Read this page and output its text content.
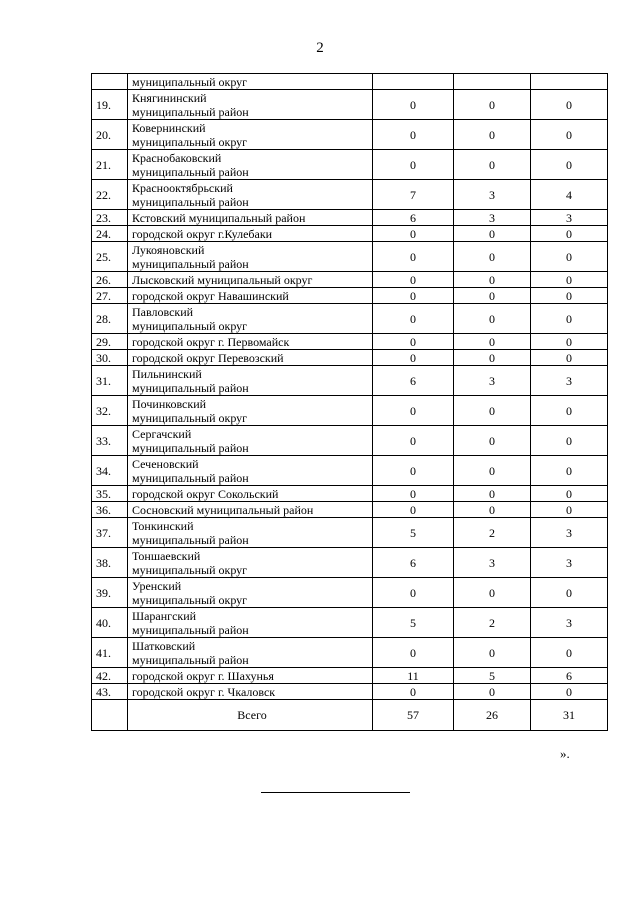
2
	муниципальный округ			
19.	Княгининский
муниципальный район	0	0	0
20.	Ковернинский
муниципальный округ	0	0	0
21.	Краснобаковский
муниципальный район	0	0	0
22.	Краснооктябрьский
муниципальный район	7	3	4
23.	Кстовский муниципальный район	6	3	3
24.	городской округ г.Кулебаки	0	0	0
25.	Лукояновский
муниципальный район	0	0	0
26.	Лысковский муниципальный округ	0	0	0
27.	городской округ Навашинский	0	0	0
28.	Павловский
муниципальный округ	0	0	0
29.	городской округ г. Первомайск	0	0	0
30.	городской округ Перевозский	0	0	0
31.	Пильнинский
муниципальный район	6	3	3
32.	Починковский
муниципальный округ	0	0	0
33.	Сергачский
муниципальный район	0	0	0
34.	Сеченовский
муниципальный район	0	0	0
35.	городской округ Сокольский	0	0	0
36.	Сосновский муниципальный район	0	0	0
37.	Тонкинский
муниципальный район	5	2	3
38.	Тоншаевский
муниципальный округ	6	3	3
39.	Уренский
муниципальный округ	0	0	0
40.	Шарангский
муниципальный район	5	2	3
41.	Шатковский
муниципальный район	0	0	0
42.	городской округ г. Шахунья	11	5	6
43.	городской округ г. Чкаловск	0	0	0
	Всего	57	26	31
».
